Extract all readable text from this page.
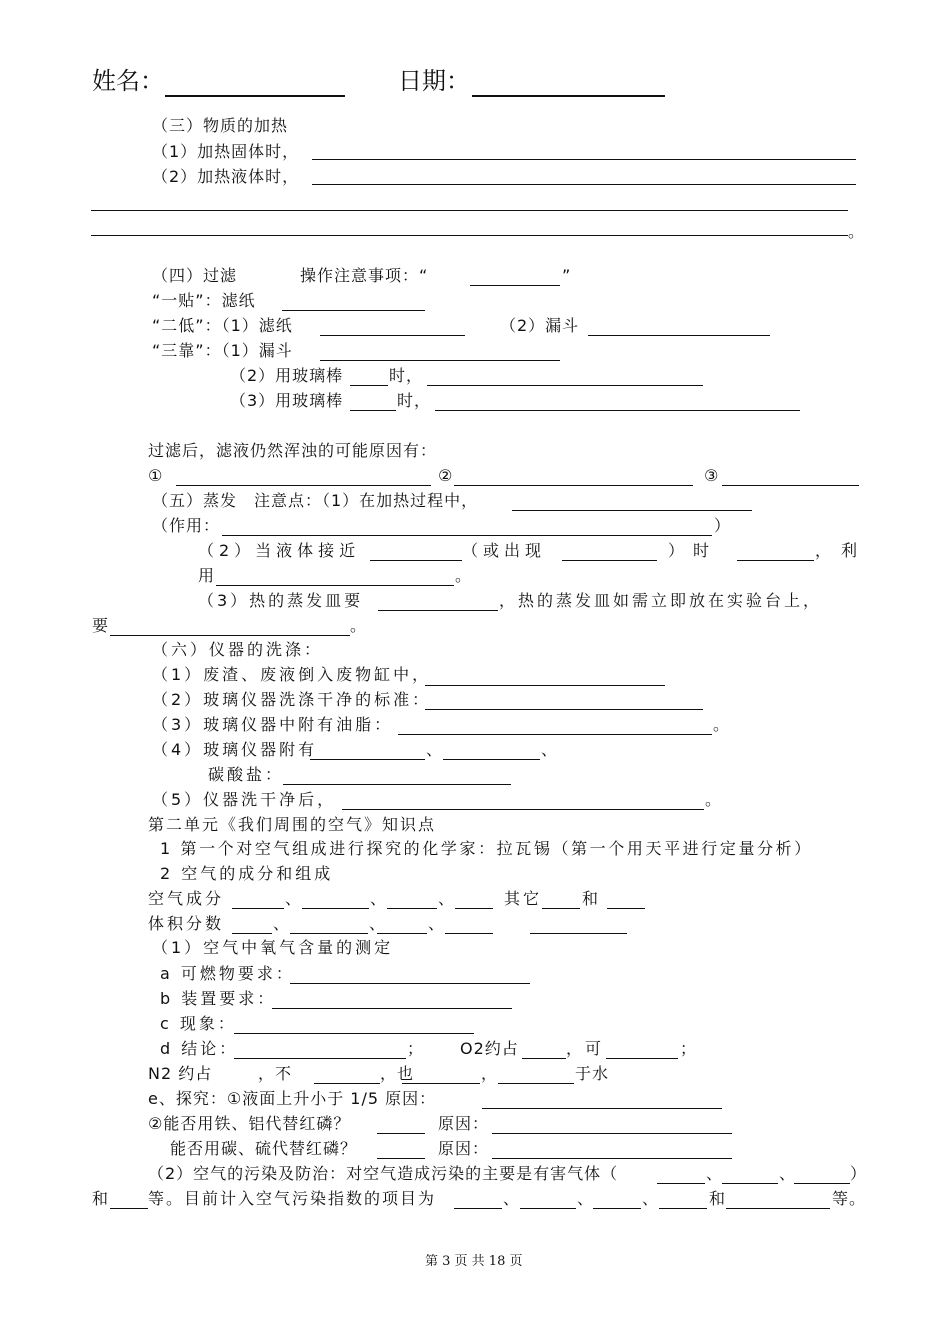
姓名：	日期：
（三）物质的加热
（1）加热固体时，
（2）加热液体时，
。
（四）过滤	操作注意事项：“	”
“一贴”：滤纸
“二低”：（1）滤纸	（2）漏斗
“三靠”：（1）漏斗
（2）用玻璃棒	时，
（3）用玻璃棒	时，
过滤后，滤液仍然浑浊的可能原因有：
①	②	③
（五）蒸发　注意点：（1）在加热过程中，
（作用：	）
（2）当液体接近	（或出现	）时	，利
用	。
（3）热的蒸发皿要	，热的蒸发皿如需立即放在实验台上，
要	。
（六）仪器的洗涤：
（1）废渣、废液倒入废物缸中，
（2）玻璃仪器洗涤干净的标准：
（3）玻璃仪器中附有油脂：	。
（4）玻璃仪器附有	、	、
碳酸盐：
（5）仪器洗干净后，	。
第二单元《我们周围的空气》知识点
1 第一个对空气组成进行探究的化学家：拉瓦锡（第一个用天平进行定量分析）
2 空气的成分和组成
空气成分	、	、	、	其它 和
体积分数	、	、	、
（1）空气中氧气含量的测定
a 可燃物要求：
b 装置要求：
c 现象：
d 结论：	； O2约占	，可	；
N2 约占	，不	，也	，	于水
e、探究：①液面上升小于 1/5 原因：
②能否用铁、铝代替红磷？	原因：
能否用碳、硫代替红磷？	原因：
（2）空气的污染及防治：对空气造成污染的主要是有害气体（	、	、	）
和 等。目前计入空气污染指数的项目为	、	、	、	和	等。
第 3 页 共 18 页
